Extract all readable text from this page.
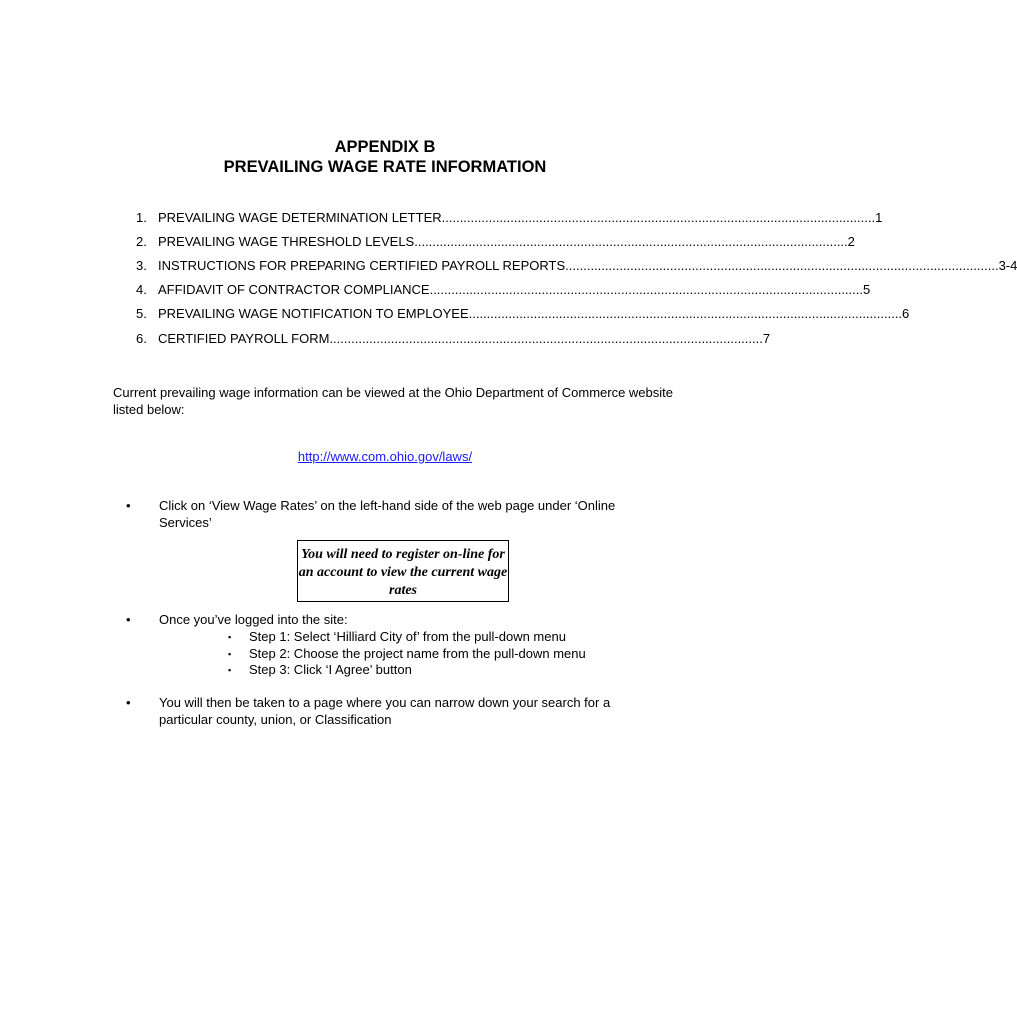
APPENDIX B
PREVAILING WAGE RATE INFORMATION
1. PREVAILING WAGE DETERMINATION LETTER ........................................................................................................................ 1
2. PREVAILING WAGE THRESHOLD LEVELS ........................................................................................................................ 2
3. INSTRUCTIONS FOR PREPARING CERTIFIED PAYROLL REPORTS ........................................................................................................................ 3-4
4. AFFIDAVIT OF CONTRACTOR COMPLIANCE ........................................................................................................................ 5
5. PREVAILING WAGE NOTIFICATION TO EMPLOYEE ........................................................................................................................ 6
6. CERTIFIED PAYROLL FORM ........................................................................................................................ 7
Current prevailing wage information can be viewed at the Ohio Department of Commerce website listed below:
http://www.com.ohio.gov/laws/
•	Click on ‘View Wage Rates’ on the left-hand side of the web page under ‘Online Services’
You will need to register on-line for an account to view the current wage rates
•	Once you’ve logged into the site:
▪	Step 1: Select ‘Hilliard City of’ from the pull-down menu
▪	Step 2: Choose the project name from the pull-down menu
▪	Step 3: Click ‘I Agree’ button
•	You will then be taken to a page where you can narrow down your search for a particular county, union, or Classification
